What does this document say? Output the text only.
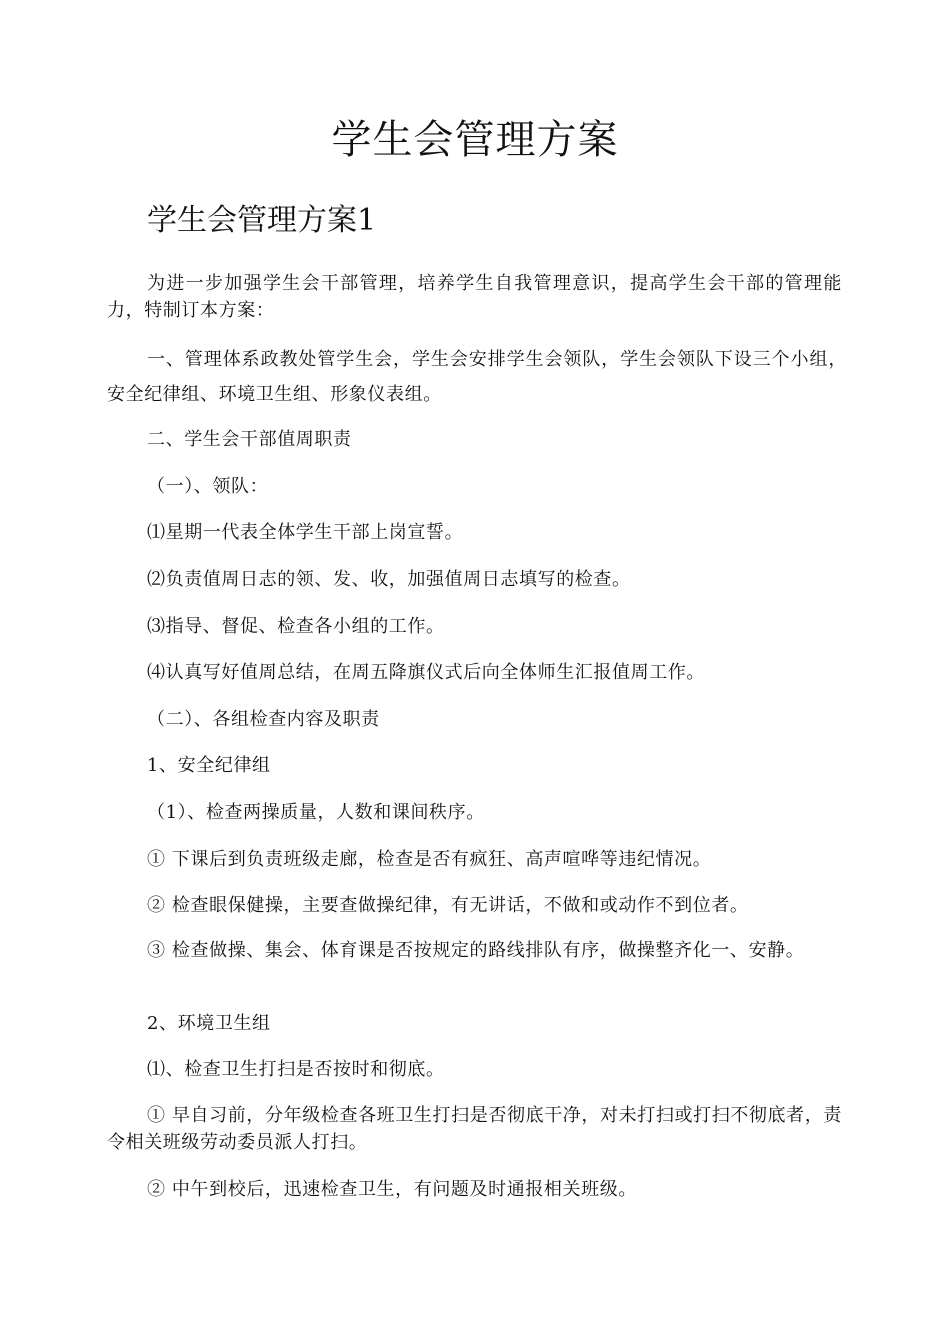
学生会管理方案
学生会管理方案1
为进一步加强学生会干部管理，培养学生自我管理意识，提高学生会干部的管理能力，特制订本方案：
一、管理体系政教处管学生会，学生会安排学生会领队，学生会领队下设三个小组，安全纪律组、环境卫生组、形象仪表组。
二、学生会干部值周职责
（一）、领队：
⑴星期一代表全体学生干部上岗宣誓。
⑵负责值周日志的领、发、收，加强值周日志填写的检查。
⑶指导、督促、检查各小组的工作。
⑷认真写好值周总结，在周五降旗仪式后向全体师生汇报值周工作。
（二）、各组检查内容及职责
1、安全纪律组
（1）、检查两操质量，人数和课间秩序。
① 下课后到负责班级走廊，检查是否有疯狂、高声喧哗等违纪情况。
② 检查眼保健操，主要查做操纪律，有无讲话，不做和或动作不到位者。
③ 检查做操、集会、体育课是否按规定的路线排队有序，做操整齐化一、安静。
2、环境卫生组
⑴、检查卫生打扫是否按时和彻底。
① 早自习前，分年级检查各班卫生打扫是否彻底干净，对未打扫或打扫不彻底者，责令相关班级劳动委员派人打扫。
② 中午到校后，迅速检查卫生，有问题及时通报相关班级。
